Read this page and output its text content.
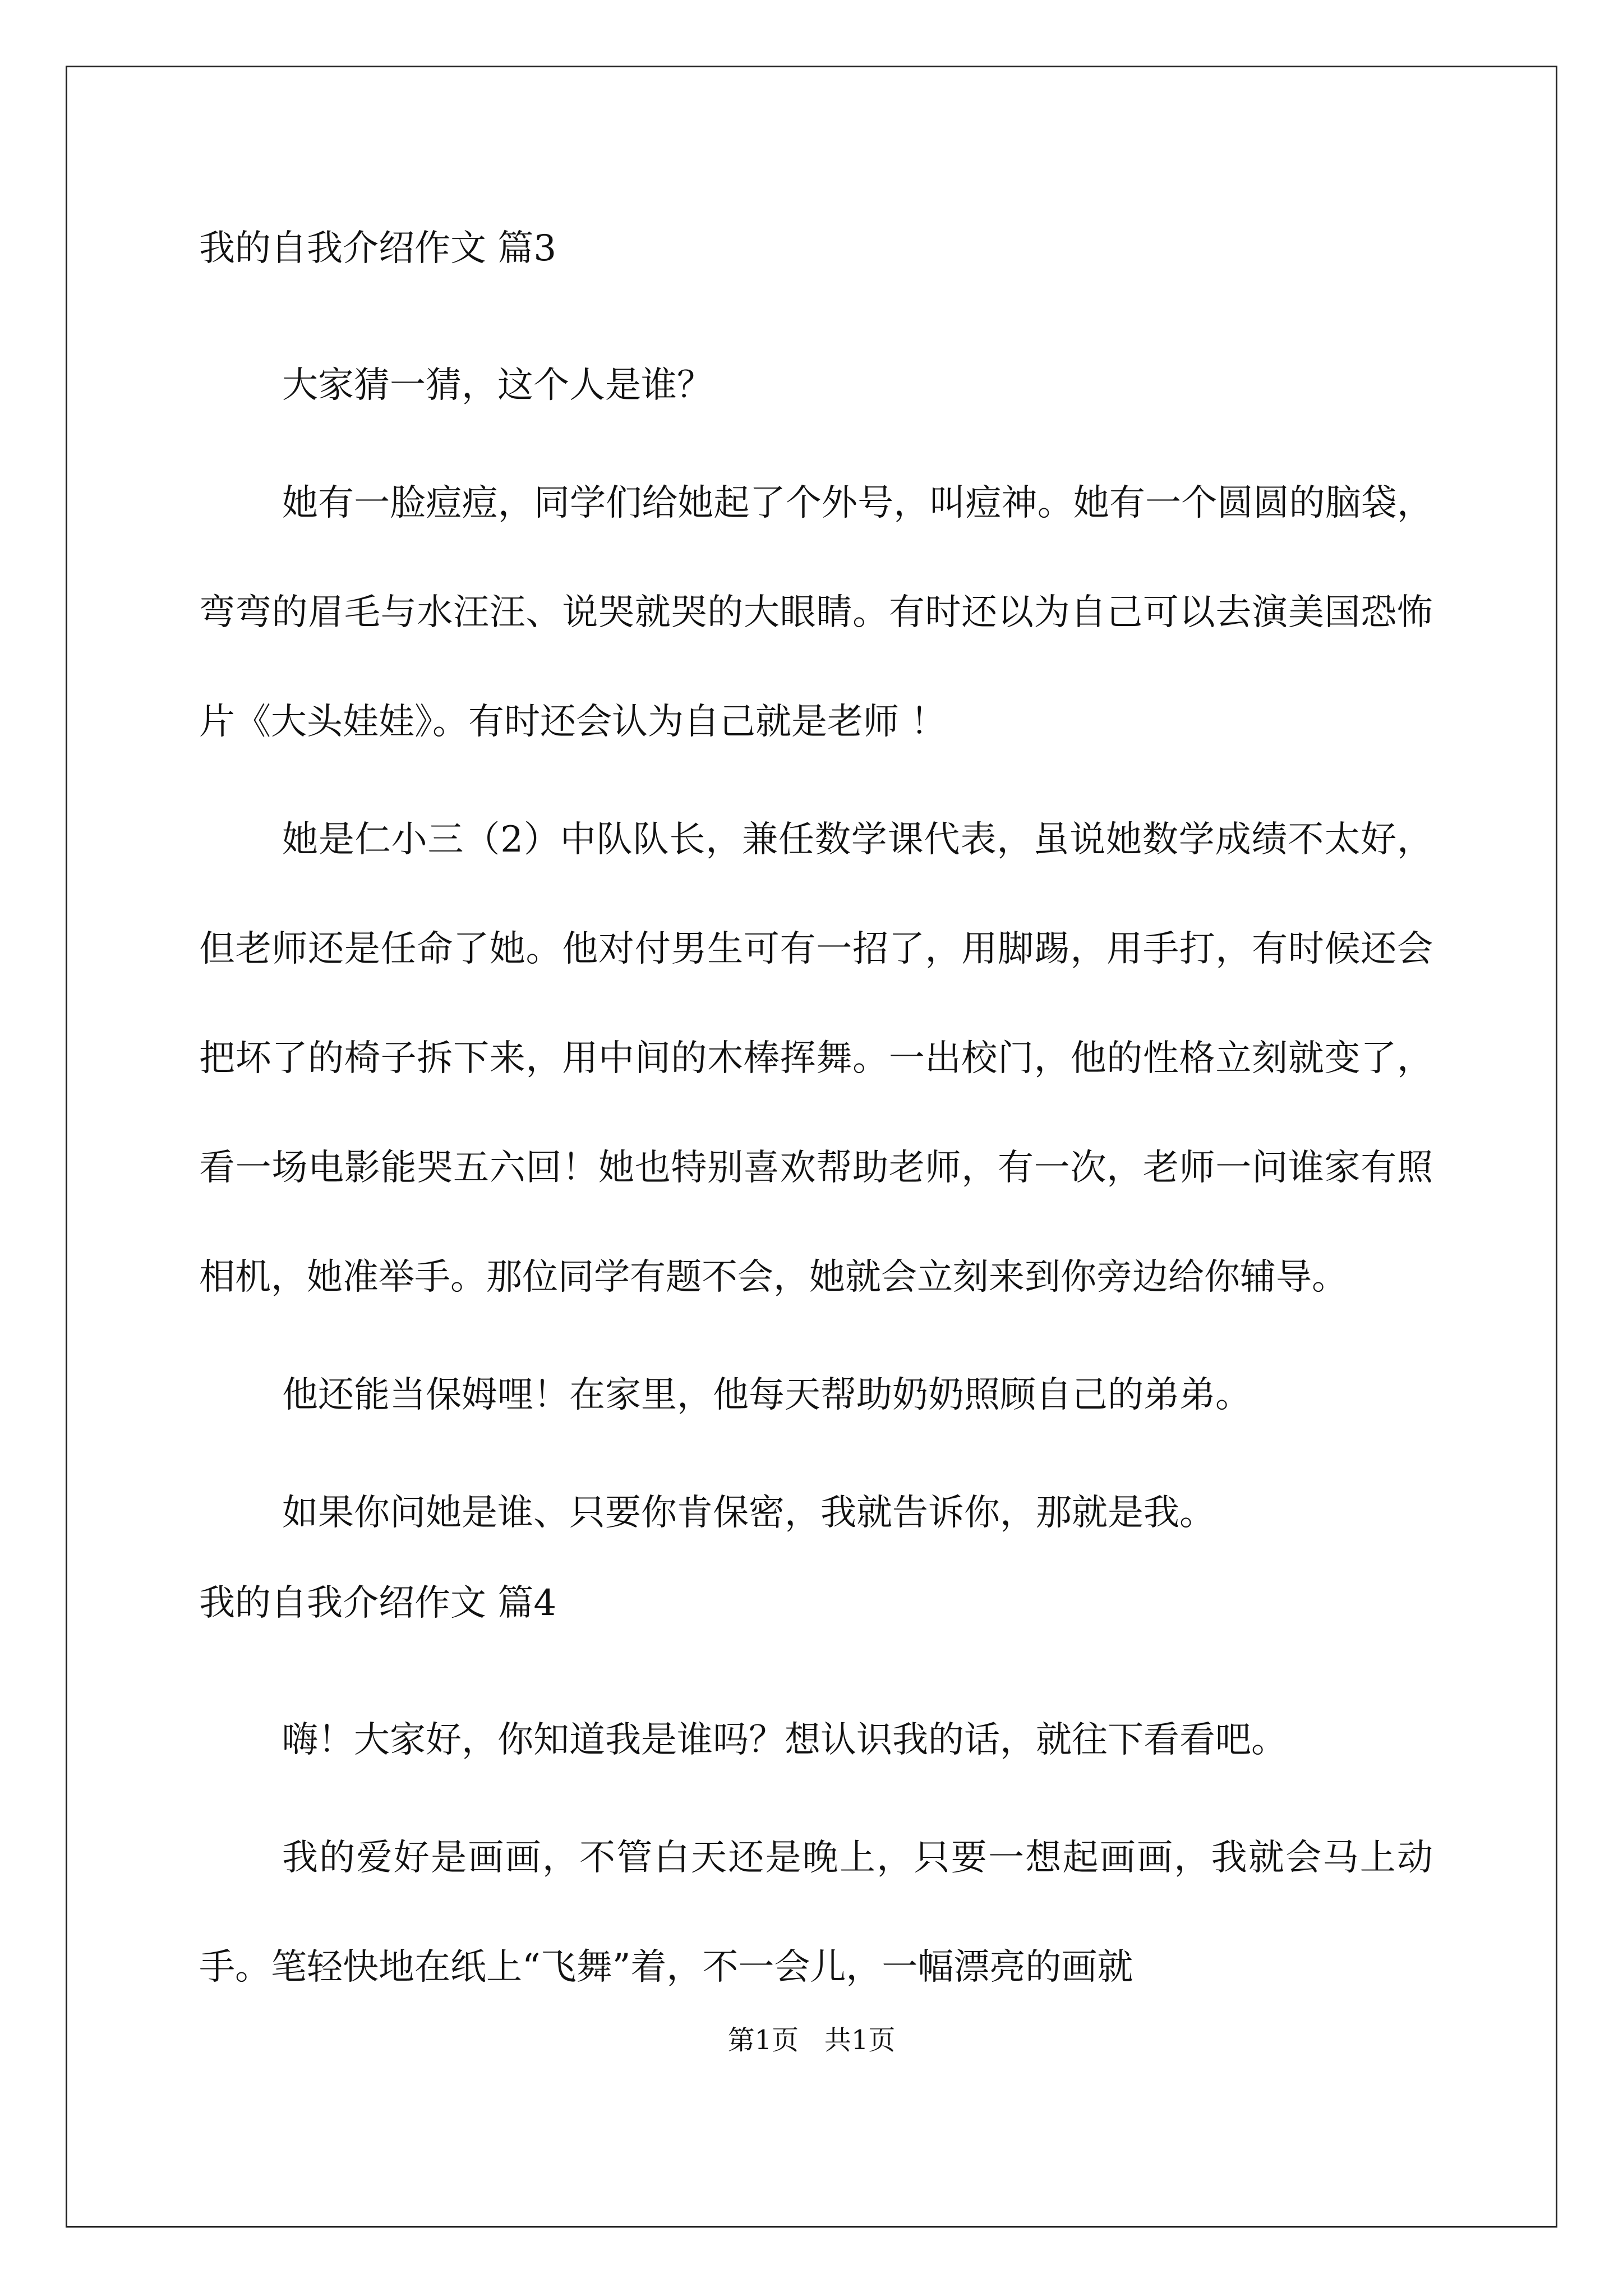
我的自我介绍作文 篇3

大家猜一猜，这个人是谁？

她有一脸痘痘，同学们给她起了个外号，叫痘神。她有一个圆圆的脑袋，弯弯的眉毛与水汪汪、说哭就哭的大眼睛。有时还以为自己可以去演美国恐怖片《大头娃娃》。有时还会认为自己就是老师 ！

她是仁小三（2）中队队长，兼任数学课代表，虽说她数学成绩不太好，但老师还是任命了她。他对付男生可有一招了，用脚踢，用手打，有时候还会把坏了的椅子拆下来，用中间的木棒挥舞。一出校门，他的性格立刻就变了，看一场电影能哭五六回！她也特别喜欢帮助老师，有一次，老师一问谁家有照相机，她准举手。那位同学有题不会，她就会立刻来到你旁边给你辅导。

他还能当保姆哩！在家里，他每天帮助奶奶照顾自己的弟弟。

如果你问她是谁、只要你肯保密，我就告诉你，那就是我。

我的自我介绍作文 篇4

嗨！大家好，你知道我是谁吗？想认识我的话，就往下看看吧。

我的爱好是画画，不管白天还是晚上，只要一想起画画，我就会马上动手。笔轻快地在纸上“飞舞”着，不一会儿，一幅漂亮的画就

第1页   共1页
